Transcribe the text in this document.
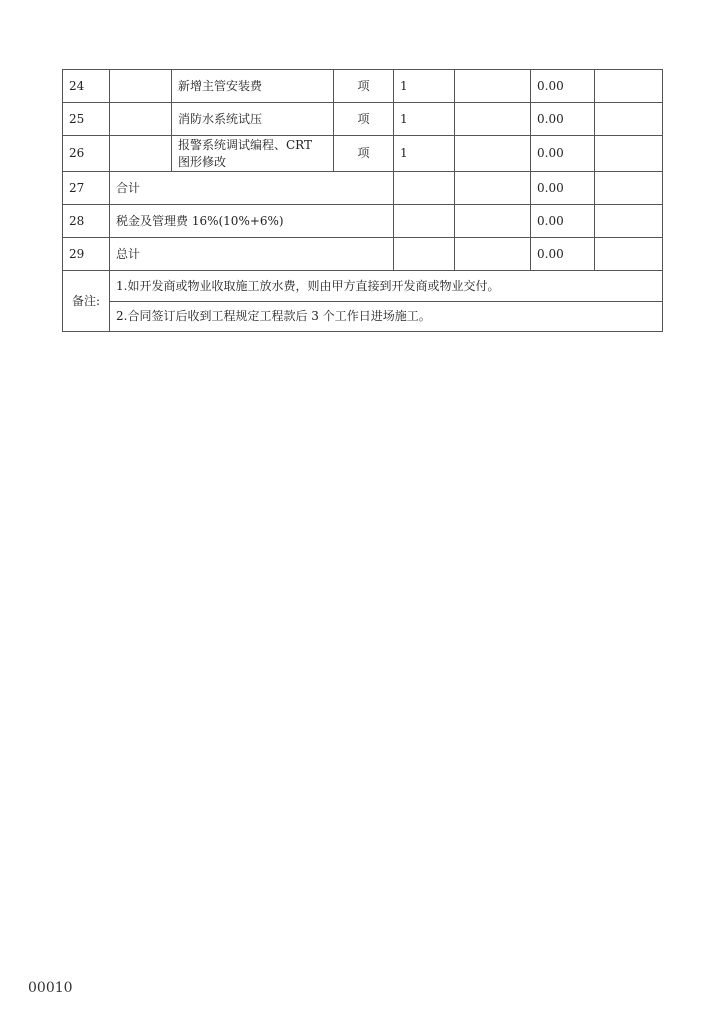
24		新增主管安装费	项	1		0.00	
25		消防水系统试压	项	1		0.00	
26		报警系统调试编程、CRT 图形修改	项	1		0.00	
27	合计					0.00	
28	税金及管理费 16%(10%+6%)					0.00	
29	总计					0.00	
备注:	1.如开发商或物业收取施工放水费，则由甲方直接到开发商或物业交付。						
	2.合同签订后收到工程规定工程款后 3 个工作日进场施工。						
00010
